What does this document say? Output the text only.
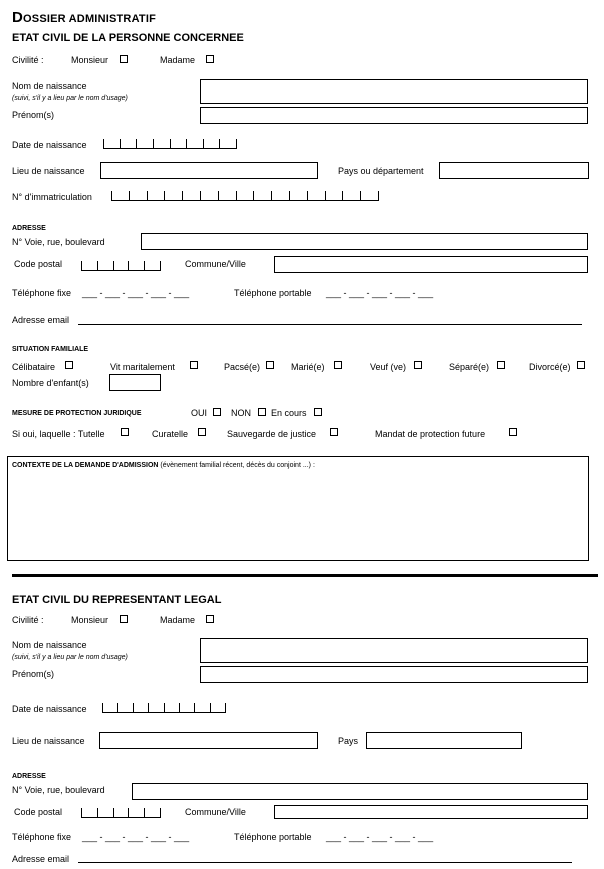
DOSSIER ADMINISTRATIF
ETAT CIVIL DE LA PERSONNE CONCERNEE
Civilité :	Monsieur	Madame
Nom de naissance
(suivi, s'il y a lieu par le nom d'usage)
Prénom(s)
Date de naissance
Lieu de naissance	Pays ou département
N° d'immatriculation
ADRESSE
N° Voie, rue, boulevard
Code postal	Commune/Ville
Téléphone fixe ___ - ___ - ___ - ___ - ___	Téléphone portable ___ - ___ - ___ - ___ - ___
Adresse email
SITUATION FAMILIALE
Célibataire	Vit maritalement	Pacsé(e)	Marié(e)	Veuf (ve)	Séparé(e)	Divorcé(e)
Nombre d'enfant(s)
MESURE DE PROTECTION JURIDIQUE	OUI	NON En cours
Si oui, laquelle : Tutelle	Curatelle	Sauvegarde de justice	Mandat de protection future
CONTEXTE DE LA DEMANDE D'ADMISSION (évènement familial récent, décès du conjoint ...) :
ETAT CIVIL DU REPRESENTANT LEGAL
Civilité :	Monsieur	Madame
Nom de naissance
(suivi, s'il y a lieu par le nom d'usage)
Prénom(s)
Date de naissance
Lieu de naissance	Pays
ADRESSE
N° Voie, rue, boulevard
Code postal	Commune/Ville
Téléphone fixe ___ - ___ - ___ - ___ - ___	Téléphone portable ___ - ___ - ___ - ___ - ___
Adresse email
